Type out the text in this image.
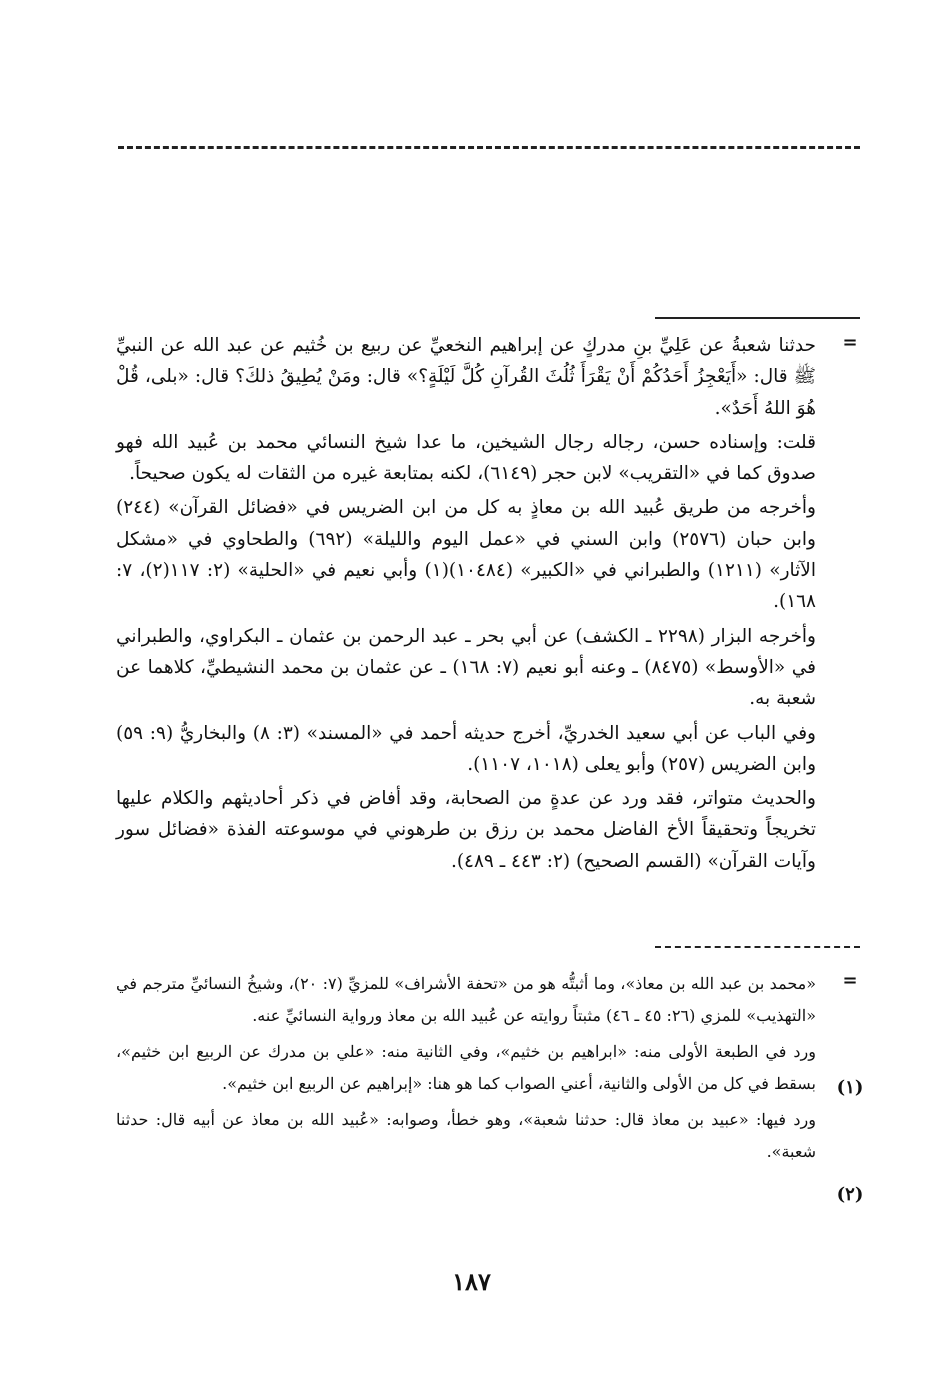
=

حدثنا شعبةُ عن عَلِيِّ بنِ مدركٍ عن إبراهيم النخعيِّ عن ربيع بن خُثيم عن عبد الله عن النبيِّ ﷺ قال: «أَيَعْجِزُ أَحَدُكُمْ أَنْ يَقْرَأَ ثُلُثَ القُرآنِ كُلَّ لَيْلَةٍ؟» قال: ومَنْ يُطِيقُ ذلكَ؟ قال: «بلى، قُلْ هُوَ اللهُ أَحَدٌ».

قلت: وإسناده حسن، رجاله رجال الشيخين، ما عدا شيخ النسائي محمد بن عُبيد الله فهو صدوق كما في «التقريب» لابن حجر (٦١٤٩)، لكنه بمتابعة غيره من الثقات له يكون صحيحاً.

وأخرجه من طريق عُبيد الله بن معاذٍ به كل من ابن الضريس في «فضائل القرآن» (٢٤٤) وابن حبان (٢٥٧٦) وابن السني في «عمل اليوم والليلة» (٦٩٢) والطحاوي في «مشكل الآثار» (١٢١١) والطبراني في «الكبير» (١٠٤٨٤)(١) وأبي نعيم في «الحلية» (٢: ١١٧(٢)، ٧: ١٦٨).

وأخرجه البزار (٢٢٩٨ ـ الكشف) عن أبي بحر ـ عبد الرحمن بن عثمان ـ البكراوي، والطبراني في «الأوسط» (٨٤٧٥) ـ وعنه أبو نعيم (٧: ١٦٨) ـ عن عثمان بن محمد النشيطيِّ، كلاهما عن شعبة به.

وفي الباب عن أبي سعيد الخدريِّ، أخرج حديثه أحمد في «المسند» (٣: ٨) والبخاريُّ (٩: ٥٩) وابن الضريس (٢٥٧) وأبو يعلى (١٠١٨، ١١٠٧).

والحديث متواتر، فقد ورد عن عدةٍ من الصحابة، وقد أفاض في ذكر أحاديثهم والكلام عليها تخريجاً وتحقيقاً الأخ الفاضل محمد بن رزق بن طرهوني في موسوعته الفذة «فضائل سور وآيات القرآن» (القسم الصحيح) (٢: ٤٤٣ ـ ٤٨٩).

=
(١)
(٢)

«محمد بن عبد الله بن معاذ»، وما أثبتُّه هو من «تحفة الأشراف» للمزيِّ (٧: ٢٠)، وشيخُ النسائيِّ مترجم في «التهذيب» للمزي (٢٦: ٤٥ ـ ٤٦) مثبتاً روايته عن عُبيد الله بن معاذ ورواية النسائيِّ عنه.

ورد في الطبعة الأولى منه: «ابراهيم بن خثيم»، وفي الثانية منه: «علي بن مدرك عن الربيع ابن خثيم»، بسقط في كل من الأولى والثانية، أعني الصواب كما هو هنا: «إبراهيم عن الربيع ابن خثيم».

ورد فيها: «عبيد بن معاذ قال: حدثنا شعبة»، وهو خطأ، وصوابه: «عُبيد الله بن معاذ عن أبيه قال: حدثنا شعبة».

١٨٧
